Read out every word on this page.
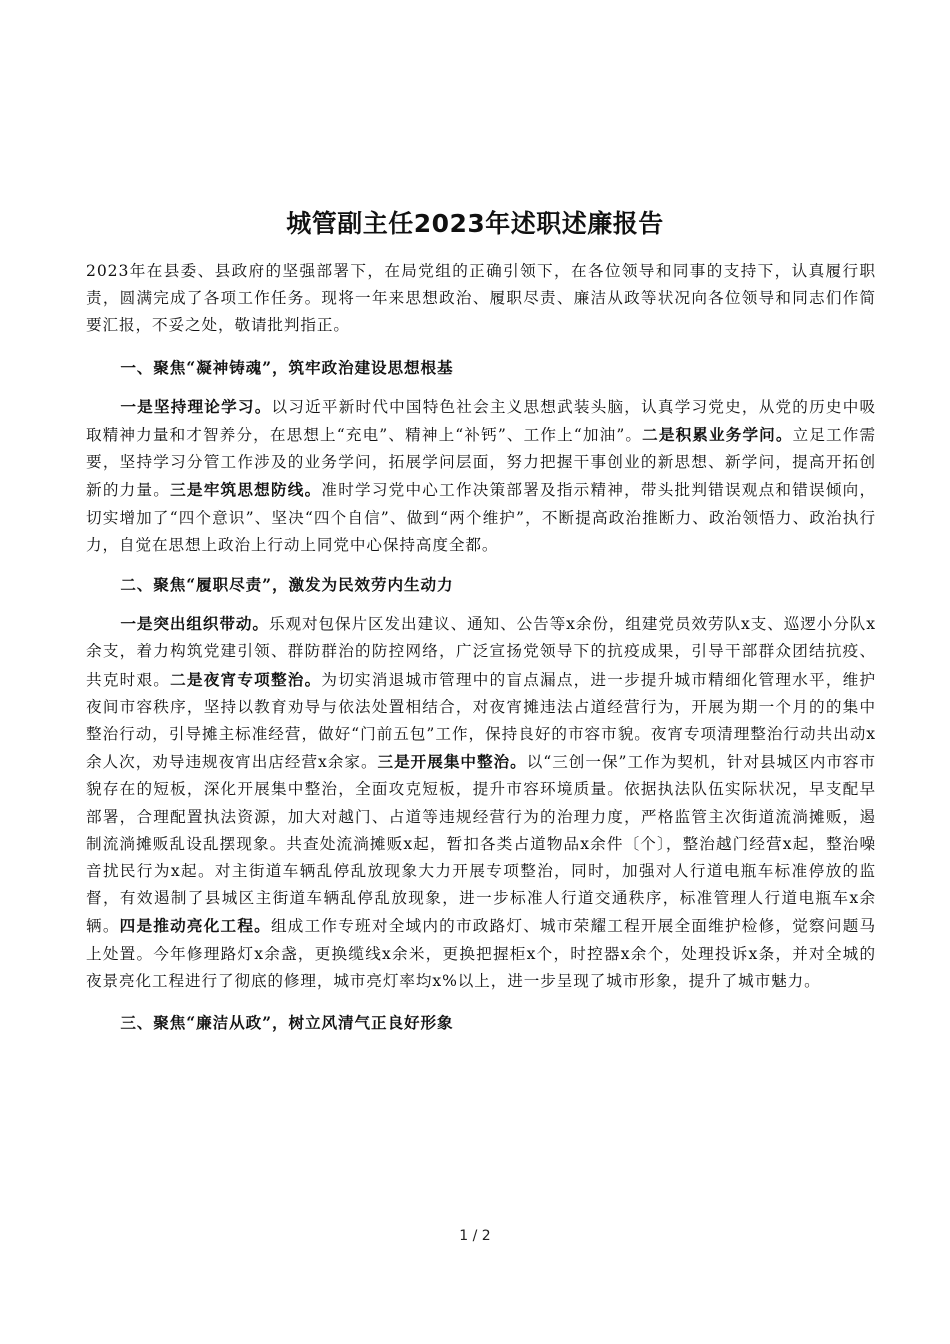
城管副主任2023年述职述廉报告

2023年在县委、县政府的坚强部署下，在局党组的正确引领下，在各位领导和同事的支持下，认真履行职责，圆满完成了各项工作任务。现将一年来思想政治、履职尽责、廉洁从政等状况向各位领导和同志们作简要汇报，不妥之处，敬请批判指正。

一、聚焦“凝神铸魂”，筑牢政治建设思想根基

一是坚持理论学习。以习近平新时代中国特色社会主义思想武装头脑，认真学习党史，从党的历史中吸取精神力量和才智养分，在思想上“充电”、精神上“补钙”、工作上“加油”。二是积累业务学问。立足工作需要，坚持学习分管工作涉及的业务学问，拓展学问层面，努力把握干事创业的新思想、新学问，提高开拓创新的力量。三是牢筑思想防线。准时学习党中心工作决策部署及指示精神，带头批判错误观点和错误倾向，切实增加了“四个意识”、坚决“四个自信”、做到“两个维护”，不断提高政治推断力、政治领悟力、政治执行力，自觉在思想上政治上行动上同党中心保持高度全都。

二、聚焦“履职尽责”，激发为民效劳内生动力

一是突出组织带动。乐观对包保片区发出建议、通知、公告等x余份，组建党员效劳队x支、巡逻小分队x余支，着力构筑党建引领、群防群治的防控网络，广泛宣扬党领导下的抗疫成果，引导干部群众团结抗疫、共克时艰。二是夜宵专项整治。为切实消退城市管理中的盲点漏点，进一步提升城市精细化管理水平，维护夜间市容秩序，坚持以教育劝导与依法处置相结合，对夜宵摊违法占道经营行为，开展为期一个月的的集中整治行动，引导摊主标准经营，做好“门前五包”工作，保持良好的市容市貌。夜宵专项清理整治行动共出动x余人次，劝导违规夜宵出店经营x余家。三是开展集中整治。以“三创一保”工作为契机，针对县城区内市容市貌存在的短板，深化开展集中整治，全面攻克短板，提升市容环境质量。依据执法队伍实际状况，早支配早部署，合理配置执法资源，加大对越门、占道等违规经营行为的治理力度，严格监管主次街道流淌摊贩，遏制流淌摊贩乱设乱摆现象。共查处流淌摊贩x起，暂扣各类占道物品x余件〔个〕，整治越门经营x起，整治噪音扰民行为x起。对主街道车辆乱停乱放现象大力开展专项整治，同时，加强对人行道电瓶车标准停放的监督，有效遏制了县城区主街道车辆乱停乱放现象，进一步标准人行道交通秩序，标准管理人行道电瓶车x余辆。四是推动亮化工程。组成工作专班对全域内的市政路灯、城市荣耀工程开展全面维护检修，觉察问题马上处置。今年修理路灯x余盏，更换缆线x余米，更换把握柜x个，时控器x余个，处理投诉x条，并对全城的夜景亮化工程进行了彻底的修理，城市亮灯率均x%以上，进一步呈现了城市形象，提升了城市魅力。

三、聚焦“廉洁从政”，树立风清气正良好形象

1 / 2
